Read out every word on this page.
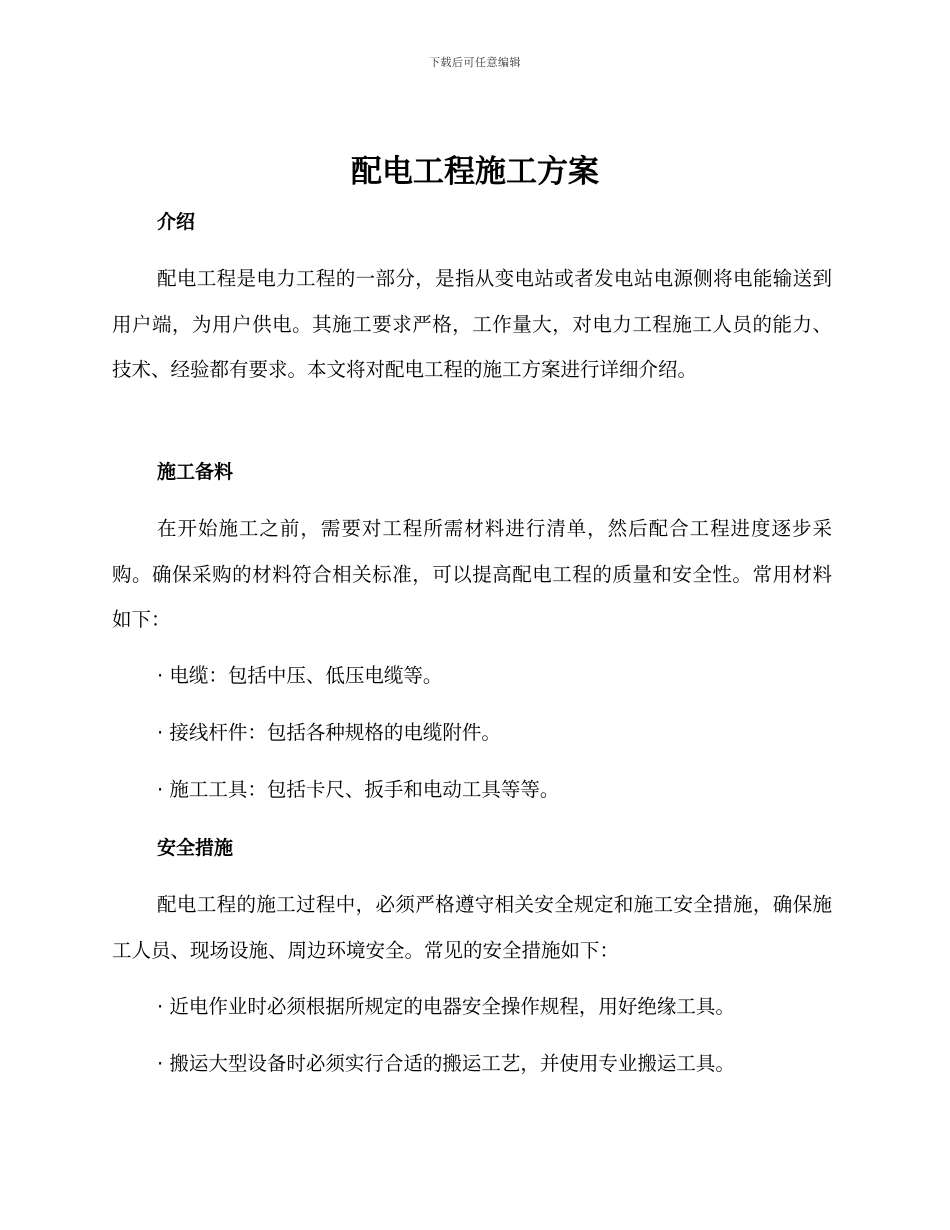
下载后可任意编辑
配电工程施工方案
介绍

配电工程是电力工程的一部分，是指从变电站或者发电站电源侧将电能输送到用户端，为用户供电。其施工要求严格，工作量大，对电力工程施工人员的能力、技术、经验都有要求。本文将对配电工程的施工方案进行详细介绍。

施工备料

在开始施工之前，需要对工程所需材料进行清单，然后配合工程进度逐步采购。确保采购的材料符合相关标准，可以提高配电工程的质量和安全性。常用材料如下：

· 电缆：包括中压、低压电缆等。
· 接线杆件：包括各种规格的电缆附件。
· 施工工具：包括卡尺、扳手和电动工具等等。
安全措施

配电工程的施工过程中，必须严格遵守相关安全规定和施工安全措施，确保施工人员、现场设施、周边环境安全。常见的安全措施如下：

· 近电作业时必须根据所规定的电器安全操作规程，用好绝缘工具。
· 搬运大型设备时必须实行合适的搬运工艺，并使用专业搬运工具。
